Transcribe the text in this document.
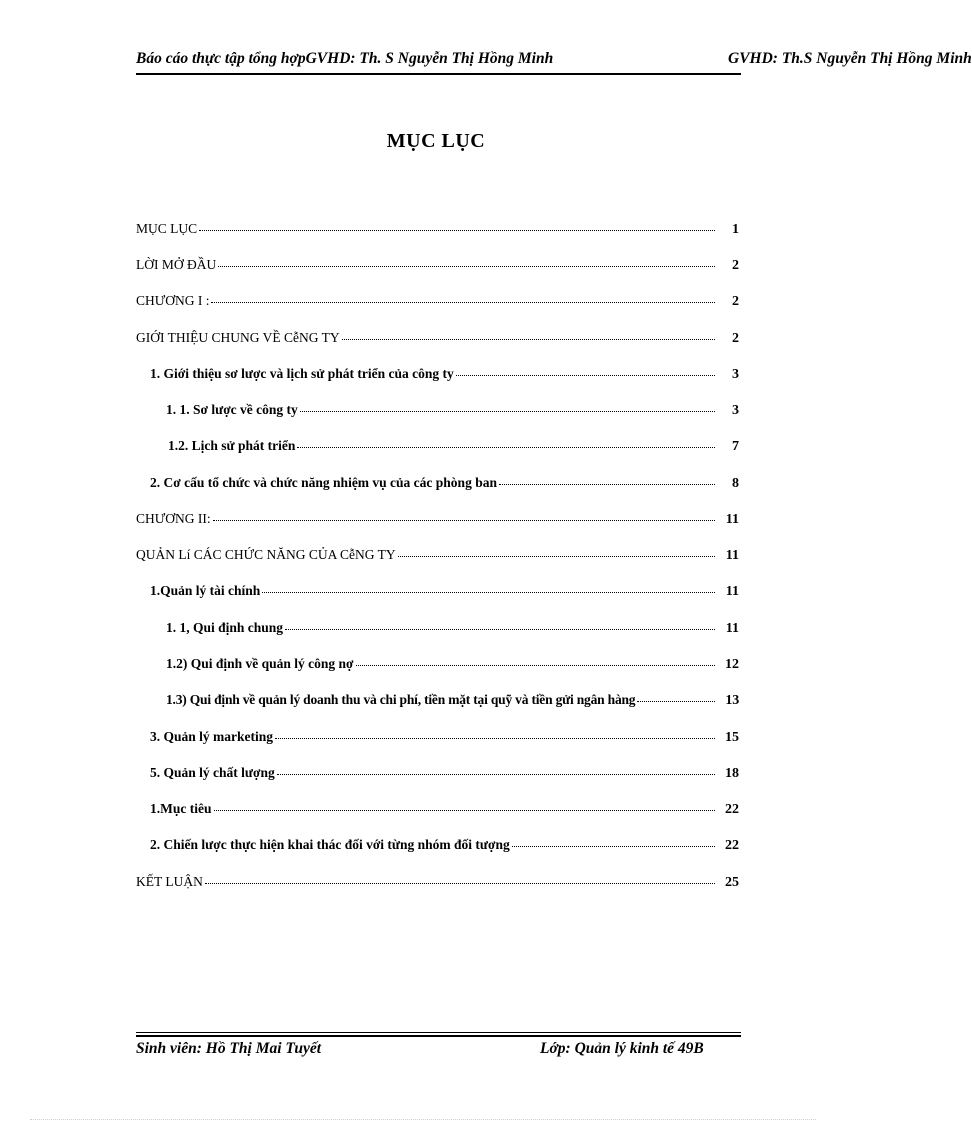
Báo cáo thực tập tổng hợpGVHD: Th. S Nguyễn Thị Hồng Minh	GVHD: Th.S Nguyễn Thị Hồng Minh
MỤC LỤC
MỤC LỤC	1
LỜI MỞ ĐẦU	2
CHƯƠNG I :	2
GIỚI THIỆU CHUNG VỀ CễNG TY	2
1. Giới thiệu sơ lược và lịch sử phát triển của công ty	3
1. 1. Sơ lược về công ty	3
1.2. Lịch sử phát triển	7
2. Cơ cấu tổ chức và chức năng nhiệm vụ của các phòng ban	8
CHƯƠNG II:	11
QUẢN Lí CÁC CHỨC NĂNG CỦA CễNG TY	11
1.Quản lý tài chính	11
1. 1, Qui định chung	11
1.2) Qui định về quản lý công nợ	12
1.3) Qui định về quản lý doanh thu và chi phí, tiền mặt tại quỹ và tiền gửi ngân hàng	13
3. Quản lý marketing	15
5. Quản lý chất lượng	18
1.Mục tiêu	22
2. Chiến lược thực hiện khai thác đối với từng nhóm đối tượng	22
KẾT LUẬN	25
Sinh viên: Hồ Thị Mai Tuyết	Lớp: Quản lý kinh tế 49B
